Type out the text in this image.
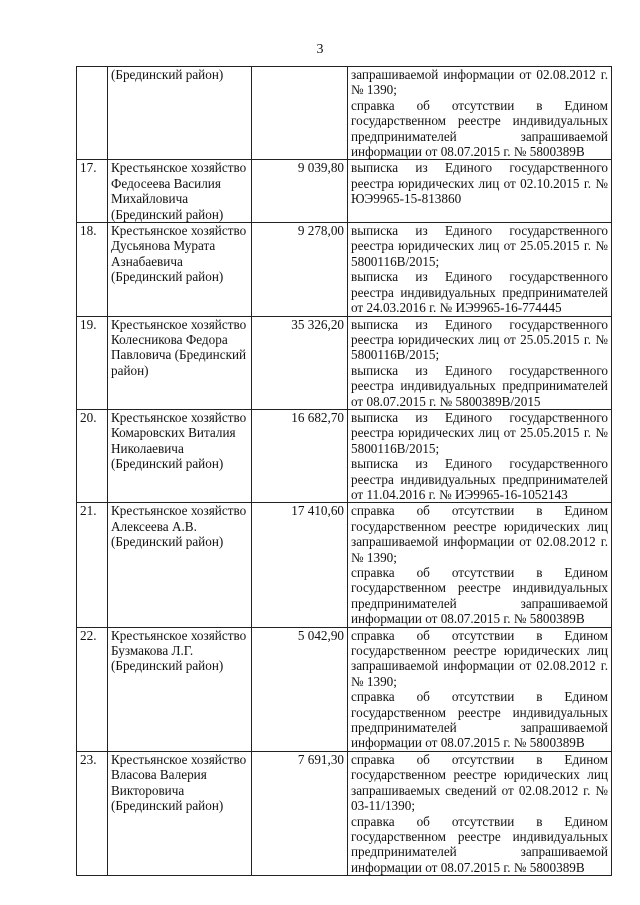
3
	(Брединский район)		запрашиваемой информации от 02.08.2012 г. № 1390;

справка об отсутствии в Едином государственном реестре индивидуальных предпринимателей запрашиваемой информации от 08.07.2015 г. № 5800389В

17.	Крестьянское хозяйство Федосеева Василия Михайловича (Брединский район)	9 039,80	выписка из Единого государственного реестра юридических лиц от 02.10.2015 г. № ЮЭ9965-15-813860

18.	Крестьянское хозяйство Дусьянова Мурата Азнабаевича (Брединский район)	9 278,00	выписка из Единого государственного реестра юридических лиц от 25.05.2015 г. № 5800116В/2015;

выписка из Единого государственного реестра индивидуальных предпринимателей от 24.03.2016 г. № ИЭ9965-16-774445

19.	Крестьянское хозяйство Колесникова Федора Павловича (Брединский район)	35 326,20	выписка из Единого государственного реестра юридических лиц от 25.05.2015 г. № 5800116В/2015;

выписка из Единого государственного реестра индивидуальных предпринимателей от 08.07.2015 г. № 5800389В/2015

20.	Крестьянское хозяйство Комаровских Виталия Николаевича (Брединский район)	16 682,70	выписка из Единого государственного реестра юридических лиц от 25.05.2015 г. № 5800116В/2015;

выписка из Единого государственного реестра индивидуальных предпринимателей от 11.04.2016 г. № ИЭ9965-16-1052143

21.	Крестьянское хозяйство Алексеева А.В. (Брединский район)	17 410,60	справка об отсутствии в Едином государственном реестре юридических лиц запрашиваемой информации от 02.08.2012 г. № 1390;

справка об отсутствии в Едином государственном реестре индивидуальных предпринимателей запрашиваемой информации от 08.07.2015 г. № 5800389В

22.	Крестьянское хозяйство Бузмакова Л.Г. (Брединский район)	5 042,90	справка об отсутствии в Едином государственном реестре юридических лиц запрашиваемой информации от 02.08.2012 г. № 1390;

справка об отсутствии в Едином государственном реестре индивидуальных предпринимателей запрашиваемой информации от 08.07.2015 г. № 5800389В

23.	Крестьянское хозяйство Власова Валерия Викторовича (Брединский район)	7 691,30	справка об отсутствии в Едином государственном реестре юридических лиц запрашиваемых сведений от 02.08.2012 г. № 03-11/1390;

справка об отсутствии в Едином государственном реестре индивидуальных предпринимателей запрашиваемой информации от 08.07.2015 г. № 5800389В
